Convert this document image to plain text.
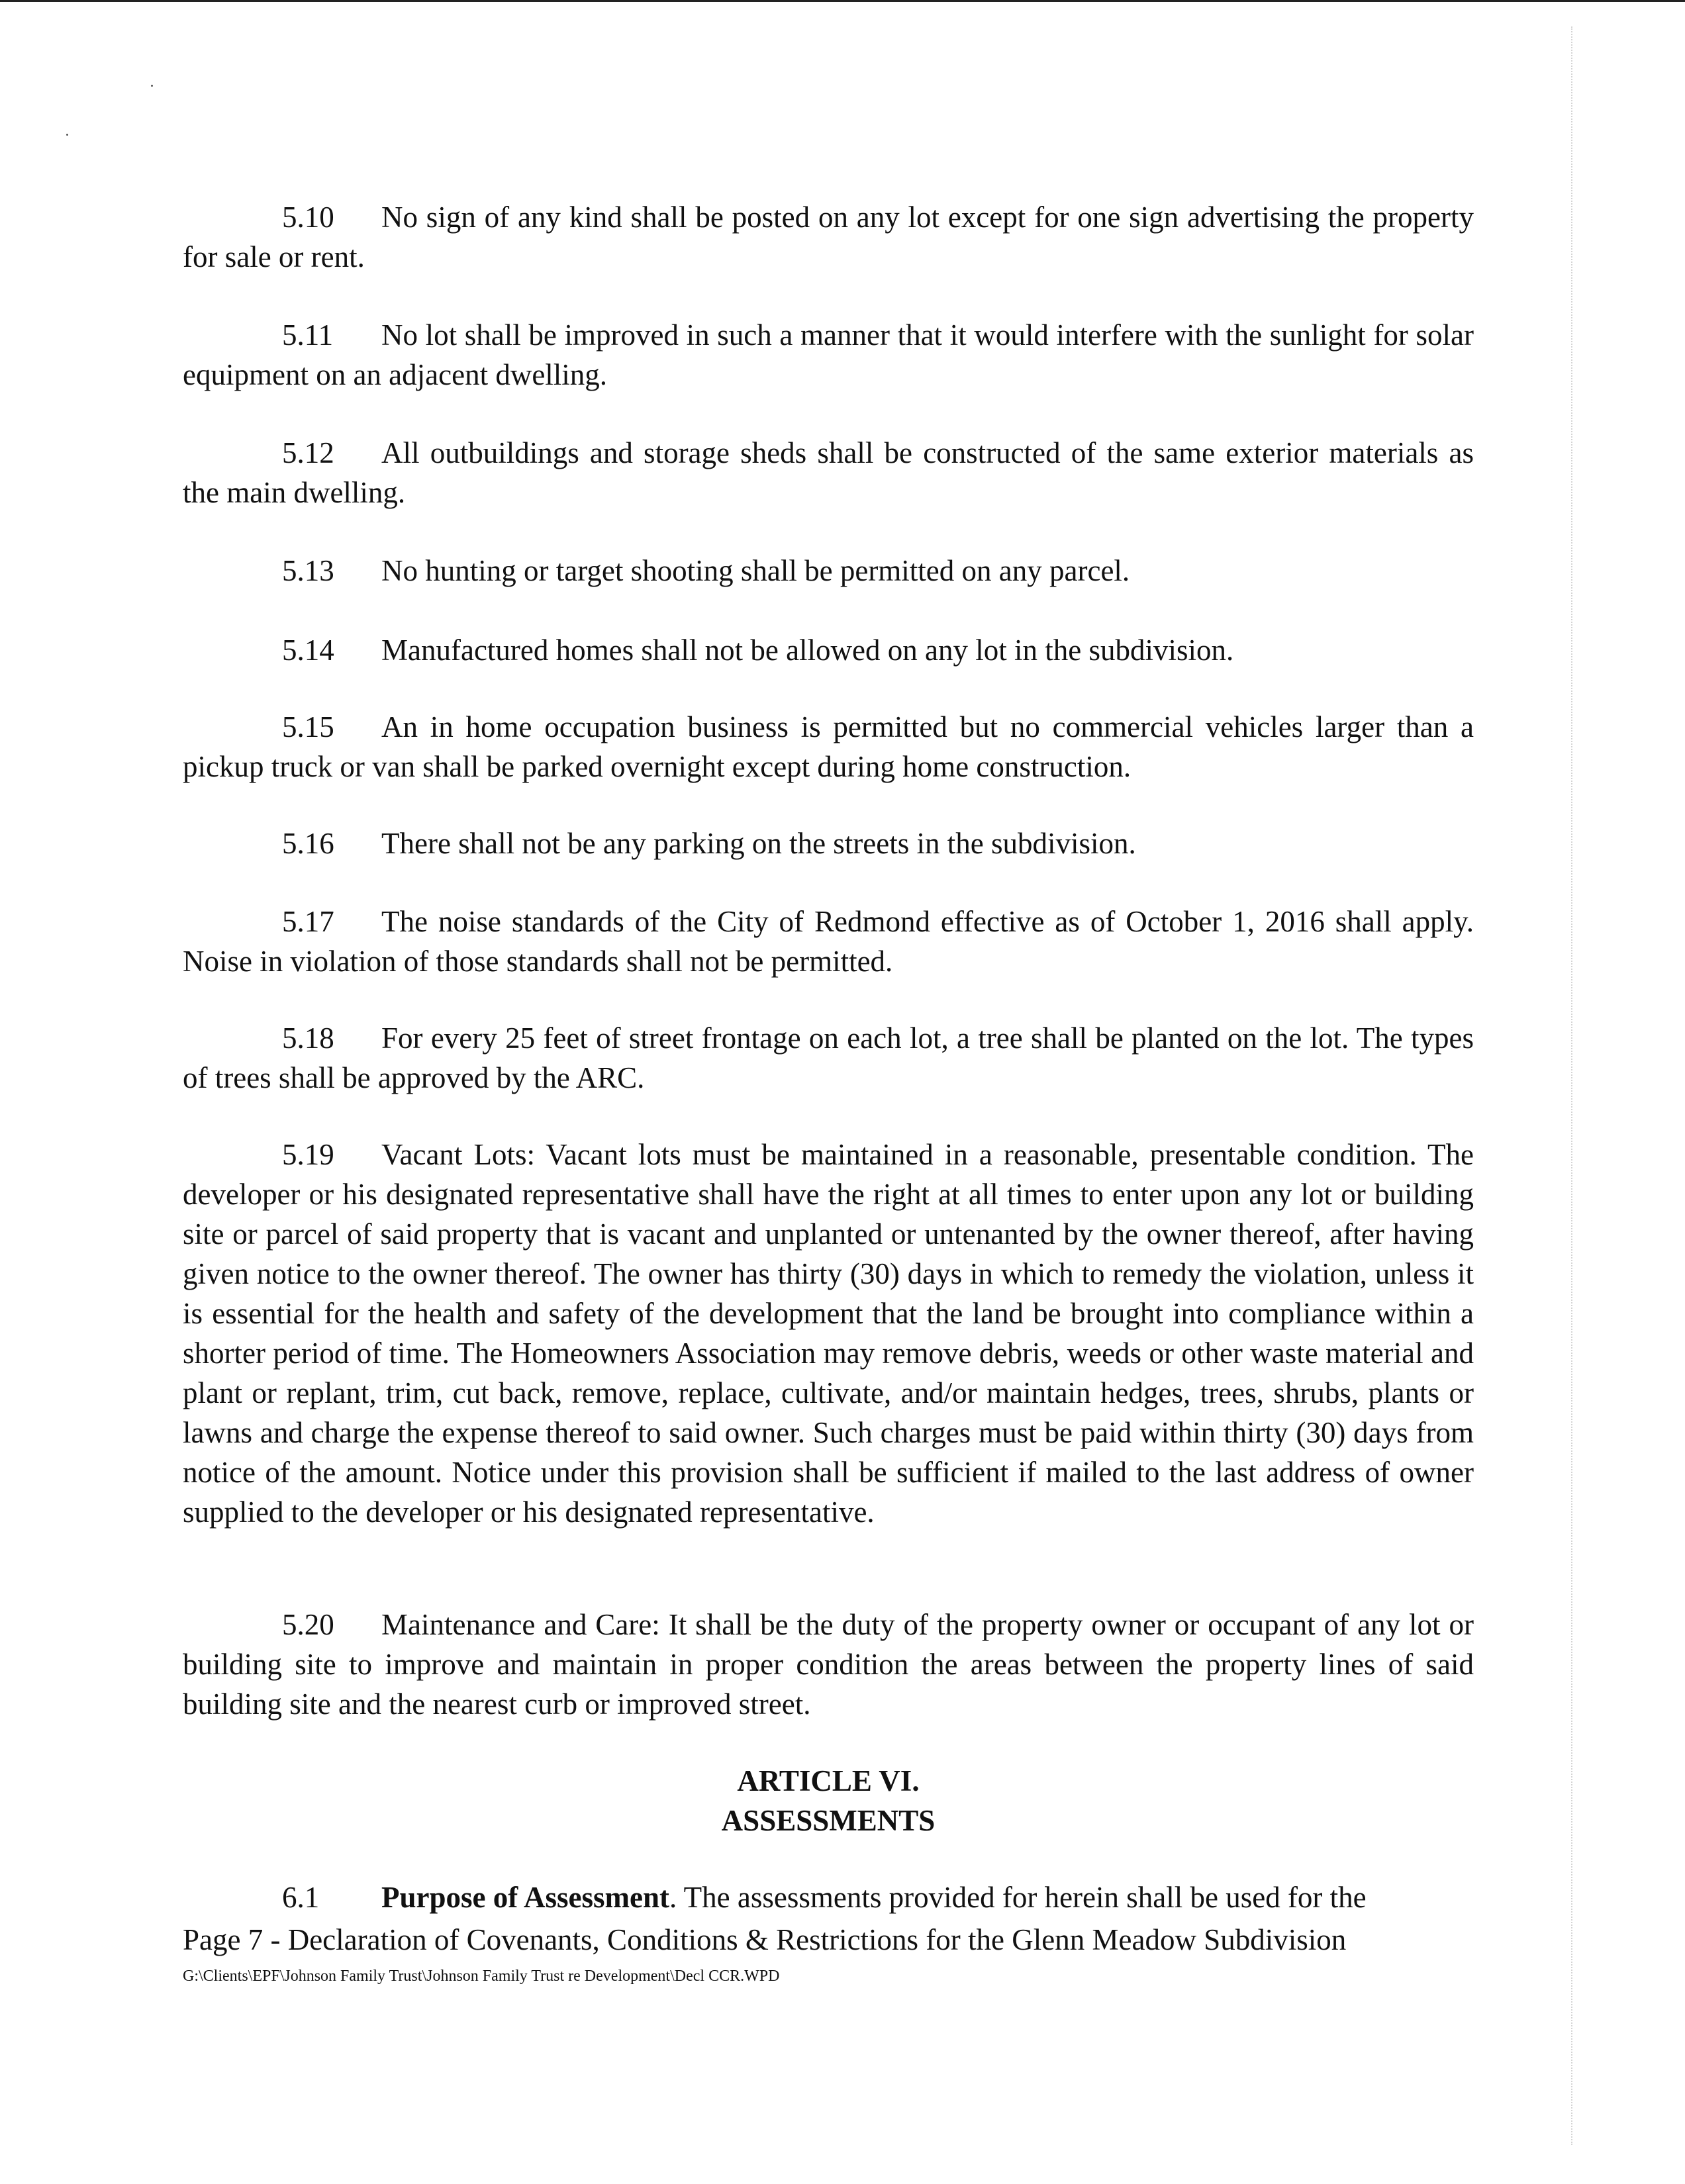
5.10 No sign of any kind shall be posted on any lot except for one sign advertising the property for sale or rent.

5.11 No lot shall be improved in such a manner that it would interfere with the sunlight for solar equipment on an adjacent dwelling.

5.12 All outbuildings and storage sheds shall be constructed of the same exterior materials as the main dwelling.

5.13 No hunting or target shooting shall be permitted on any parcel.

5.14 Manufactured homes shall not be allowed on any lot in the subdivision.

5.15 An in home occupation business is permitted but no commercial vehicles larger than a pickup truck or van shall be parked overnight except during home construction.

5.16 There shall not be any parking on the streets in the subdivision.

5.17 The noise standards of the City of Redmond effective as of October 1, 2016 shall apply. Noise in violation of those standards shall not be permitted.

5.18 For every 25 feet of street frontage on each lot, a tree shall be planted on the lot. The types of trees shall be approved by the ARC.

5.19 Vacant Lots: Vacant lots must be maintained in a reasonable, presentable condition. The developer or his designated representative shall have the right at all times to enter upon any lot or building site or parcel of said property that is vacant and unplanted or untenanted by the owner thereof, after having given notice to the owner thereof. The owner has thirty (30) days in which to remedy the violation, unless it is essential for the health and safety of the development that the land be brought into compliance within a shorter period of time. The Homeowners Association may remove debris, weeds or other waste material and plant or replant, trim, cut back, remove, replace, cultivate, and/or maintain hedges, trees, shrubs, plants or lawns and charge the expense thereof to said owner. Such charges must be paid within thirty (30) days from notice of the amount. Notice under this provision shall be sufficient if mailed to the last address of owner supplied to the developer or his designated representative.

5.20 Maintenance and Care: It shall be the duty of the property owner or occupant of any lot or building site to improve and maintain in proper condition the areas between the property lines of said building site and the nearest curb or improved street.

ARTICLE VI.
ASSESSMENTS

6.1 Purpose of Assessment. The assessments provided for herein shall be used for the

Page 7 - Declaration of Covenants, Conditions & Restrictions for the Glenn Meadow Subdivision
G:\Clients\EPF\Johnson Family Trust\Johnson Family Trust re Development\Decl CCR.WPD
